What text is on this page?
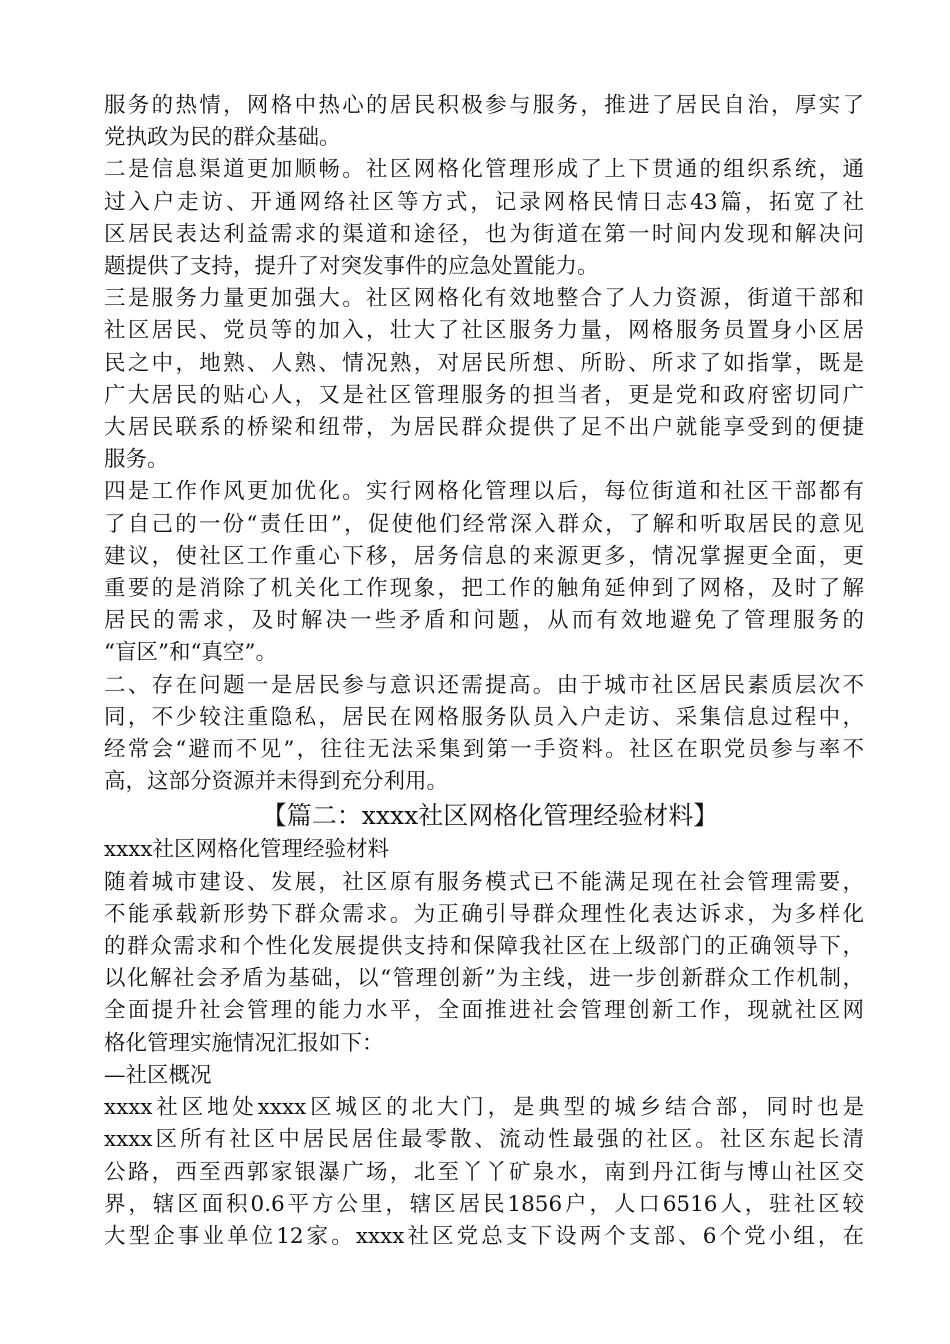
服务的热情，网格中热心的居民积极参与服务，推进了居民自治，厚实了
党执政为民的群众基础。
二是信息渠道更加顺畅。社区网格化管理形成了上下贯通的组织系统，通
过入户走访、开通网络社区等方式，记录网格民情日志43篇，拓宽了社
区居民表达利益需求的渠道和途径，也为街道在第一时间内发现和解决问
题提供了支持，提升了对突发事件的应急处置能力。
三是服务力量更加强大。社区网格化有效地整合了人力资源，街道干部和
社区居民、党员等的加入，壮大了社区服务力量，网格服务员置身小区居
民之中，地熟、人熟、情况熟，对居民所想、所盼、所求了如指掌，既是
广大居民的贴心人，又是社区管理服务的担当者，更是党和政府密切同广
大居民联系的桥梁和纽带，为居民群众提供了足不出户就能享受到的便捷
服务。
四是工作作风更加优化。实行网格化管理以后，每位街道和社区干部都有
了自己的一份“责任田”，促使他们经常深入群众，了解和听取居民的意见
建议，使社区工作重心下移，居务信息的来源更多，情况掌握更全面，更
重要的是消除了机关化工作现象，把工作的触角延伸到了网格，及时了解
居民的需求，及时解决一些矛盾和问题，从而有效地避免了管理服务的
“盲区”和“真空”。
二、存在问题一是居民参与意识还需提高。由于城市社区居民素质层次不
同，不少较注重隐私，居民在网格服务队员入户走访、采集信息过程中，
经常会“避而不见”，往往无法采集到第一手资料。社区在职党员参与率不
高，这部分资源并未得到充分利用。
【篇二：xxxx社区网格化管理经验材料】
xxxx社区网格化管理经验材料
随着城市建设、发展，社区原有服务模式已不能满足现在社会管理需要，
不能承载新形势下群众需求。为正确引导群众理性化表达诉求，为多样化
的群众需求和个性化发展提供支持和保障我社区在上级部门的正确领导下，
以化解社会矛盾为基础，以“管理创新”为主线，进一步创新群众工作机制，
全面提升社会管理的能力水平，全面推进社会管理创新工作，现就社区网
格化管理实施情况汇报如下：
—社区概况
xxxx社区地处xxxx区城区的北大门，是典型的城乡结合部，同时也是
xxxx区所有社区中居民居住最零散、流动性最强的社区。社区东起长清
公路，西至西郭家银瀑广场，北至丫丫矿泉水，南到丹江街与博山社区交
界，辖区面积0.6平方公里，辖区居民1856户，人口6516人，驻社区较
大型企事业单位12家。xxxx社区党总支下设两个支部、6个党小组，在
